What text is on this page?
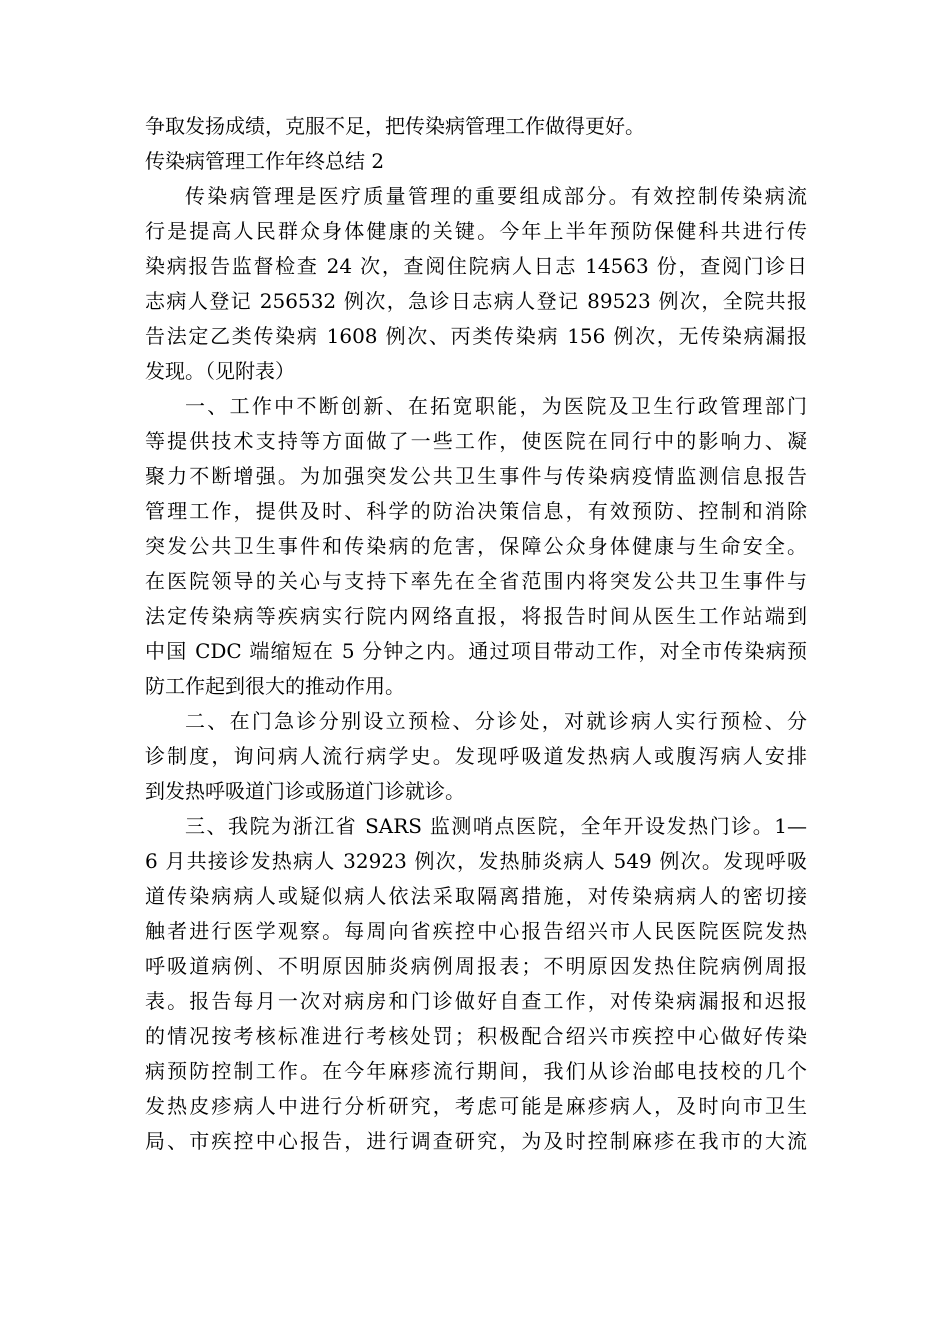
争取发扬成绩，克服不足，把传染病管理工作做得更好。
传染病管理工作年终总结 2
传染病管理是医疗质量管理的重要组成部分。有效控制传染病流
行是提高人民群众身体健康的关键。今年上半年预防保健科共进行传
染病报告监督检查 24 次，查阅住院病人日志 14563 份，查阅门诊日
志病人登记 256532 例次，急诊日志病人登记 89523 例次，全院共报
告法定乙类传染病 1608 例次、丙类传染病 156 例次，无传染病漏报
发现。（见附表）
一、工作中不断创新、在拓宽职能，为医院及卫生行政管理部门
等提供技术支持等方面做了一些工作，使医院在同行中的影响力、凝
聚力不断增强。为加强突发公共卫生事件与传染病疫情监测信息报告
管理工作，提供及时、科学的防治决策信息，有效预防、控制和消除
突发公共卫生事件和传染病的危害，保障公众身体健康与生命安全。
在医院领导的关心与支持下率先在全省范围内将突发公共卫生事件与
法定传染病等疾病实行院内网络直报，将报告时间从医生工作站端到
中国 CDC 端缩短在 5 分钟之内。通过项目带动工作，对全市传染病预
防工作起到很大的推动作用。
二、在门急诊分别设立预检、分诊处，对就诊病人实行预检、分
诊制度，询问病人流行病学史。发现呼吸道发热病人或腹泻病人安排
到发热呼吸道门诊或肠道门诊就诊。
三、我院为浙江省 SARS 监测哨点医院，全年开设发热门诊。1—
6 月共接诊发热病人 32923 例次，发热肺炎病人 549 例次。发现呼吸
道传染病病人或疑似病人依法采取隔离措施，对传染病病人的密切接
触者进行医学观察。每周向省疾控中心报告绍兴市人民医院医院发热
呼吸道病例、不明原因肺炎病例周报表；不明原因发热住院病例周报
表。报告每月一次对病房和门诊做好自查工作，对传染病漏报和迟报
的情况按考核标准进行考核处罚；积极配合绍兴市疾控中心做好传染
病预防控制工作。在今年麻疹流行期间，我们从诊治邮电技校的几个
发热皮疹病人中进行分析研究，考虑可能是麻疹病人，及时向市卫生
局、市疾控中心报告，进行调查研究，为及时控制麻疹在我市的大流
